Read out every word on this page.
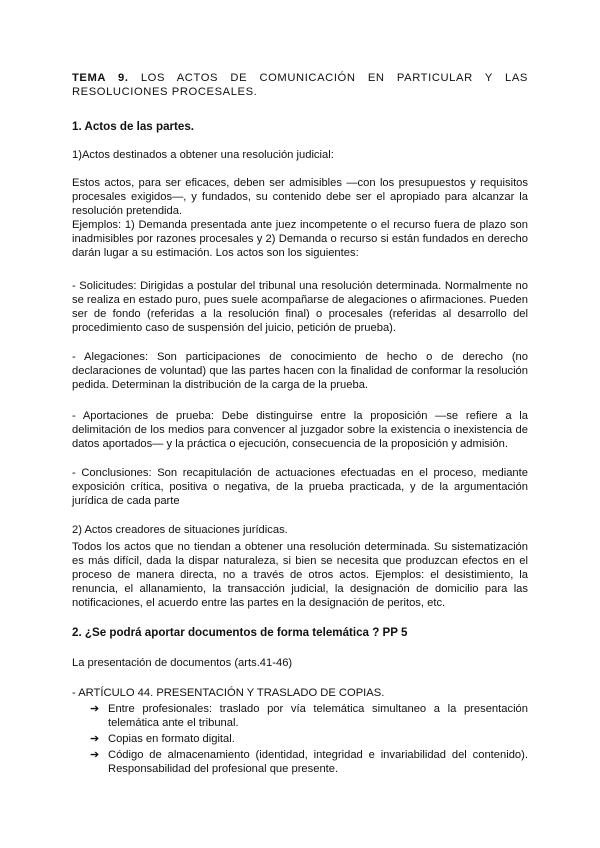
TEMA 9. LOS ACTOS DE COMUNICACIÓN EN PARTICULAR Y LAS RESOLUCIONES PROCESALES.

1. Actos de las partes.

1)Actos destinados a obtener una resolución judicial:

Estos actos, para ser eficaces, deben ser admisibles —con los presupuestos y requisitos procesales exigidos—, y fundados, su contenido debe ser el apropiado para alcanzar la resolución pretendida.

Ejemplos: 1) Demanda presentada ante juez incompetente o el recurso fuera de plazo son inadmisibles por razones procesales y 2) Demanda o recurso si están fundados en derecho darán lugar a su estimación. Los actos son los siguientes:

- Solicitudes: Dirigidas a postular del tribunal una resolución determinada. Normalmente no se realiza en estado puro, pues suele acompañarse de alegaciones o afirmaciones. Pueden ser de fondo (referidas a la resolución final) o procesales (referidas al desarrollo del procedimiento caso de suspensión del juicio, petición de prueba).

- Alegaciones: Son participaciones de conocimiento de hecho o de derecho (no declaraciones de voluntad) que las partes hacen con la finalidad de conformar la resolución pedida. Determinan la distribución de la carga de la prueba.

- Aportaciones de prueba: Debe distinguirse entre la proposición —se refiere a la delimitación de los medios para convencer al juzgador sobre la existencia o inexistencia de datos aportados— y la práctica o ejecución, consecuencia de la proposición y admisión.

- Conclusiones: Son recapitulación de actuaciones efectuadas en el proceso, mediante exposición crítica, positiva o negativa, de la prueba practicada, y de la argumentación jurídica de cada parte

2) Actos creadores de situaciones jurídicas.

Todos los actos que no tiendan a obtener una resolución determinada. Su sistematización es más difícil, dada la dispar naturaleza, si bien se necesita que produzcan efectos en el proceso de manera directa, no a través de otros actos. Ejemplos: el desistimiento, la renuncia, el allanamiento, la transacción judicial, la designación de domicilio para las notificaciones, el acuerdo entre las partes en la designación de peritos, etc.

2. ¿Se podrá aportar documentos de forma telemática ? PP 5

La presentación de documentos (arts.41-46)

- ARTÍCULO 44. PRESENTACIÓN Y TRASLADO DE COPIAS.

➔ Entre profesionales: traslado por vía telemática simultaneo a la presentación telemática ante el tribunal.
➔ Copias en formato digital.
➔ Código de almacenamiento (identidad, integridad e invariabilidad del contenido). Responsabilidad del profesional que presente.
